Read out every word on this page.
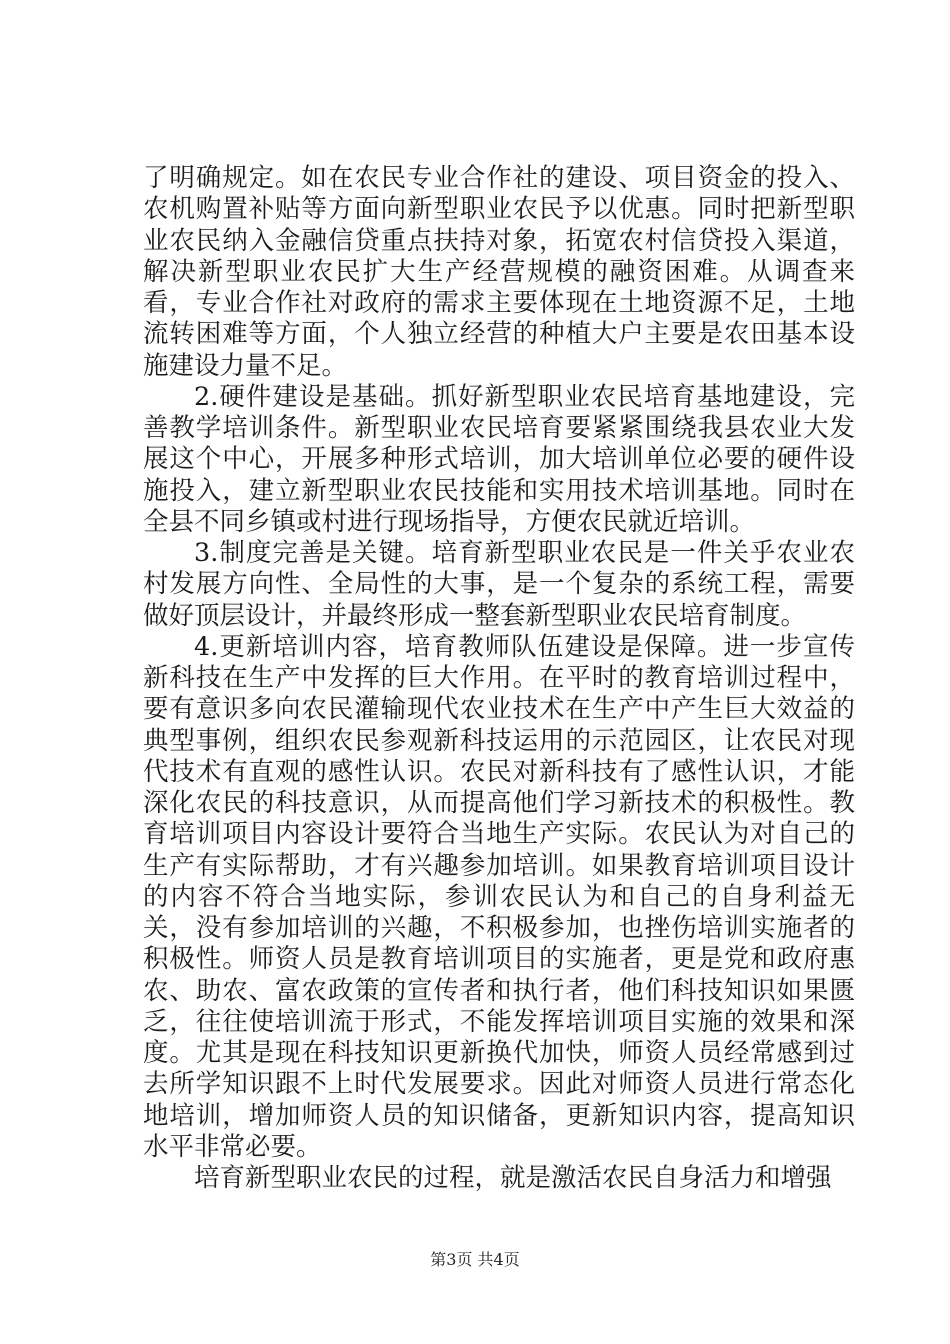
了明确规定。如在农民专业合作社的建设、项目资金的投入、农机购置补贴等方面向新型职业农民予以优惠。同时把新型职业农民纳入金融信贷重点扶持对象，拓宽农村信贷投入渠道，解决新型职业农民扩大生产经营规模的融资困难。从调查来看，专业合作社对政府的需求主要体现在土地资源不足，土地流转困难等方面，个人独立经营的种植大户主要是农田基本设施建设力量不足。

2.硬件建设是基础。抓好新型职业农民培育基地建设，完善教学培训条件。新型职业农民培育要紧紧围绕我县农业大发展这个中心，开展多种形式培训，加大培训单位必要的硬件设施投入，建立新型职业农民技能和实用技术培训基地。同时在全县不同乡镇或村进行现场指导，方便农民就近培训。

3.制度完善是关键。培育新型职业农民是一件关乎农业农村发展方向性、全局性的大事，是一个复杂的系统工程，需要做好顶层设计，并最终形成一整套新型职业农民培育制度。

4.更新培训内容，培育教师队伍建设是保障。进一步宣传新科技在生产中发挥的巨大作用。在平时的教育培训过程中，要有意识多向农民灌输现代农业技术在生产中产生巨大效益的典型事例，组织农民参观新科技运用的示范园区，让农民对现代技术有直观的感性认识。农民对新科技有了感性认识，才能深化农民的科技意识，从而提高他们学习新技术的积极性。教育培训项目内容设计要符合当地生产实际。农民认为对自己的生产有实际帮助，才有兴趣参加培训。如果教育培训项目设计的内容不符合当地实际，参训农民认为和自己的自身利益无关，没有参加培训的兴趣，不积极参加，也挫伤培训实施者的积极性。师资人员是教育培训项目的实施者，更是党和政府惠农、助农、富农政策的宣传者和执行者，他们科技知识如果匮乏，往往使培训流于形式，不能发挥培训项目实施的效果和深度。尤其是现在科技知识更新换代加快，师资人员经常感到过去所学知识跟不上时代发展要求。因此对师资人员进行常态化地培训，增加师资人员的知识储备，更新知识内容，提高知识水平非常必要。

培育新型职业农民的过程，就是激活农民自身活力和增强

第3页 共4页
